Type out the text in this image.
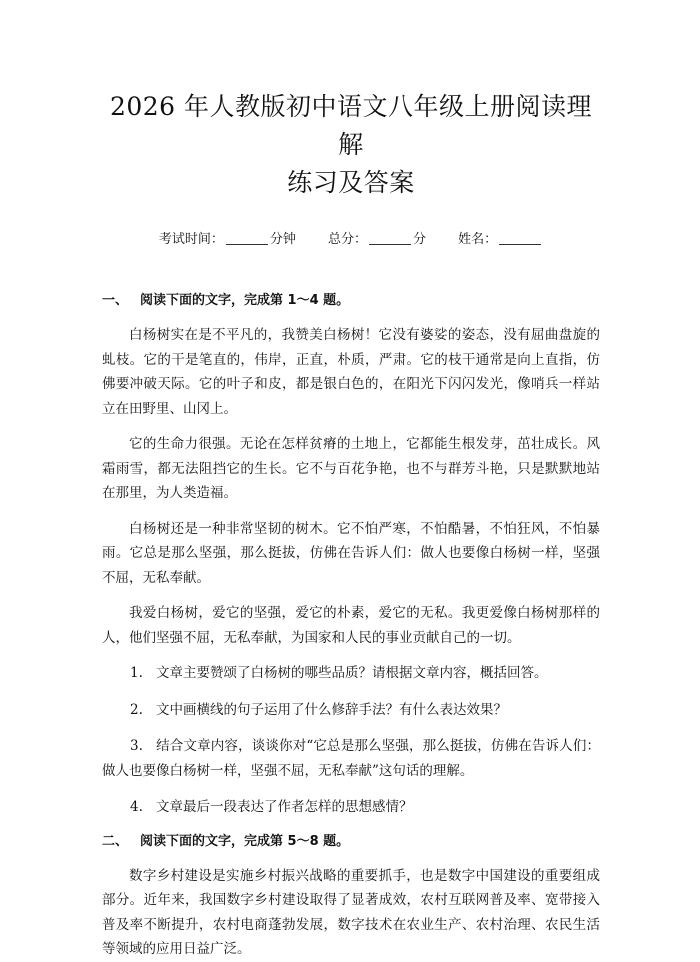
2026 年人教版初中语文八年级上册阅读理解
练习及答案
考试时间：	分钟 总分：	分 姓名：
一、 阅读下面的文字，完成第 1～4 题。

白杨树实在是不平凡的，我赞美白杨树！它没有婆娑的姿态，没有屈曲盘旋的虬枝。它的干是笔直的，伟岸，正直，朴质，严肃。它的枝干通常是向上直指，仿佛要冲破天际。它的叶子和皮，都是银白色的，在阳光下闪闪发光，像哨兵一样站立在田野里、山冈上。

它的生命力很强。无论在怎样贫瘠的土地上，它都能生根发芽，茁壮成长。风霜雨雪，都无法阻挡它的生长。它不与百花争艳，也不与群芳斗艳，只是默默地站在那里，为人类造福。

白杨树还是一种非常坚韧的树木。它不怕严寒，不怕酷暑，不怕狂风，不怕暴雨。它总是那么坚强，那么挺拔，仿佛在告诉人们：做人也要像白杨树一样，坚强不屈，无私奉献。

我爱白杨树，爱它的坚强，爱它的朴素，爱它的无私。我更爱像白杨树那样的人，他们坚强不屈，无私奉献，为国家和人民的事业贡献自己的一切。

1. 文章主要赞颂了白杨树的哪些品质？请根据文章内容，概括回答。
2. 文中画横线的句子运用了什么修辞手法？有什么表达效果？
3. 结合文章内容，谈谈你对“它总是那么坚强，那么挺拔，仿佛在告诉人们：做人也要像白杨树一样，坚强不屈，无私奉献”这句话的理解。
4. 文章最后一段表达了作者怎样的思想感情？
二、 阅读下面的文字，完成第 5～8 题。

数字乡村建设是实施乡村振兴战略的重要抓手，也是数字中国建设的重要组成部分。近年来，我国数字乡村建设取得了显著成效，农村互联网普及率、宽带接入普及率不断提升，农村电商蓬勃发展，数字技术在农业生产、农村治理、农民生活等领域的应用日益广泛。
